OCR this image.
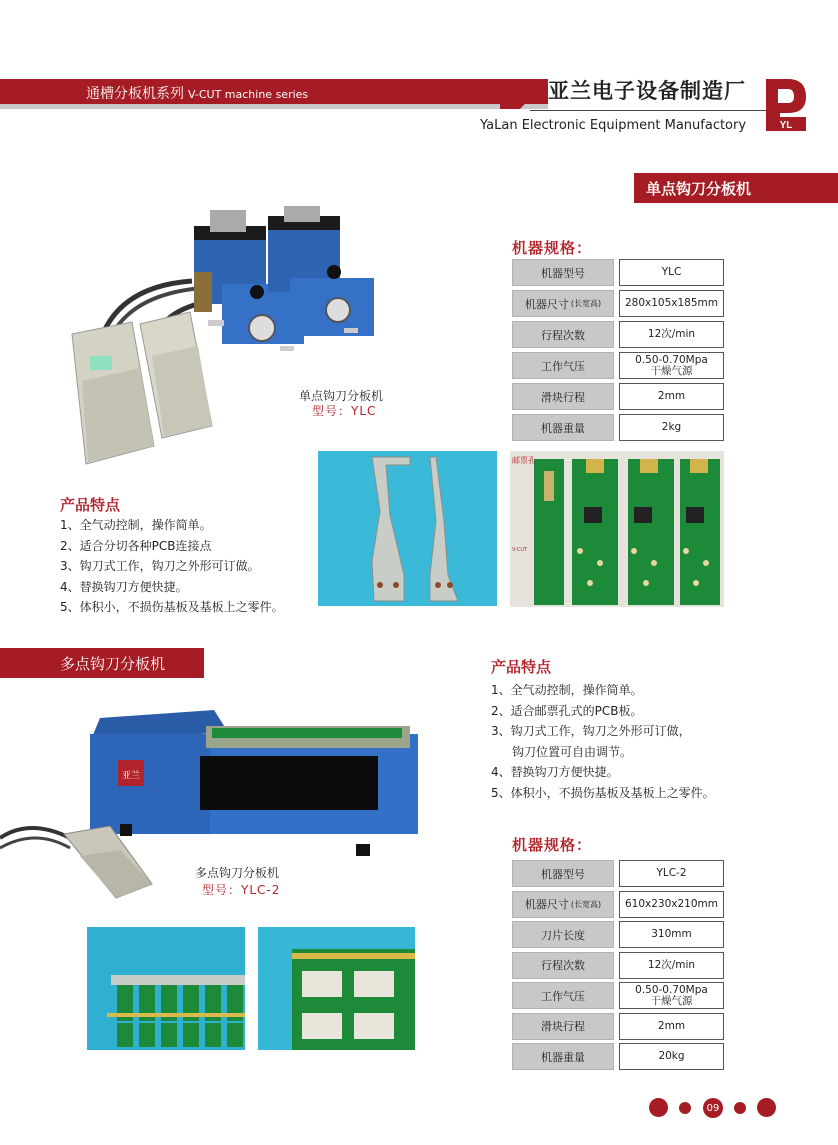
通槽分板机系列 V-CUT machine series	亚兰电子设备制造厂
YaLan Electronic Equipment Manufactory	YL
单点钩刀分板机
单点钩刀分板机
型号：YLC
机器规格：
机器型号	YLC
机器尺寸 (长宽高)	280x105x185mm
行程次数	12次/min
工作气压	0.50-0.70Mpa
干燥气源
滑块行程	2mm
机器重量	2kg
产品特点
1、全气动控制，操作简单。
2、适合分切各种PCB连接点
3、钩刀式工作，钩刀之外形可订做。
4、替换钩刀方便快捷。
5、体积小，不损伤基板及基板上之零件。
邮票孔
V-CUT
多点钩刀分板机
亚兰
多点钩刀分板机
型号：YLC-2
产品特点
1、全气动控制，操作简单。
2、适合邮票孔式的PCB板。
3、钩刀式工作，钩刀之外形可订做，
钩刀位置可自由调节。
4、替换钩刀方便快捷。
5、体积小，不损伤基板及基板上之零件。
机器规格：
机器型号	YLC-2
机器尺寸 (长宽高)	610x230x210mm
刀片长度	310mm
行程次数	12次/min
工作气压	0.50-0.70Mpa
干燥气源
滑块行程	2mm
机器重量	20kg
09
